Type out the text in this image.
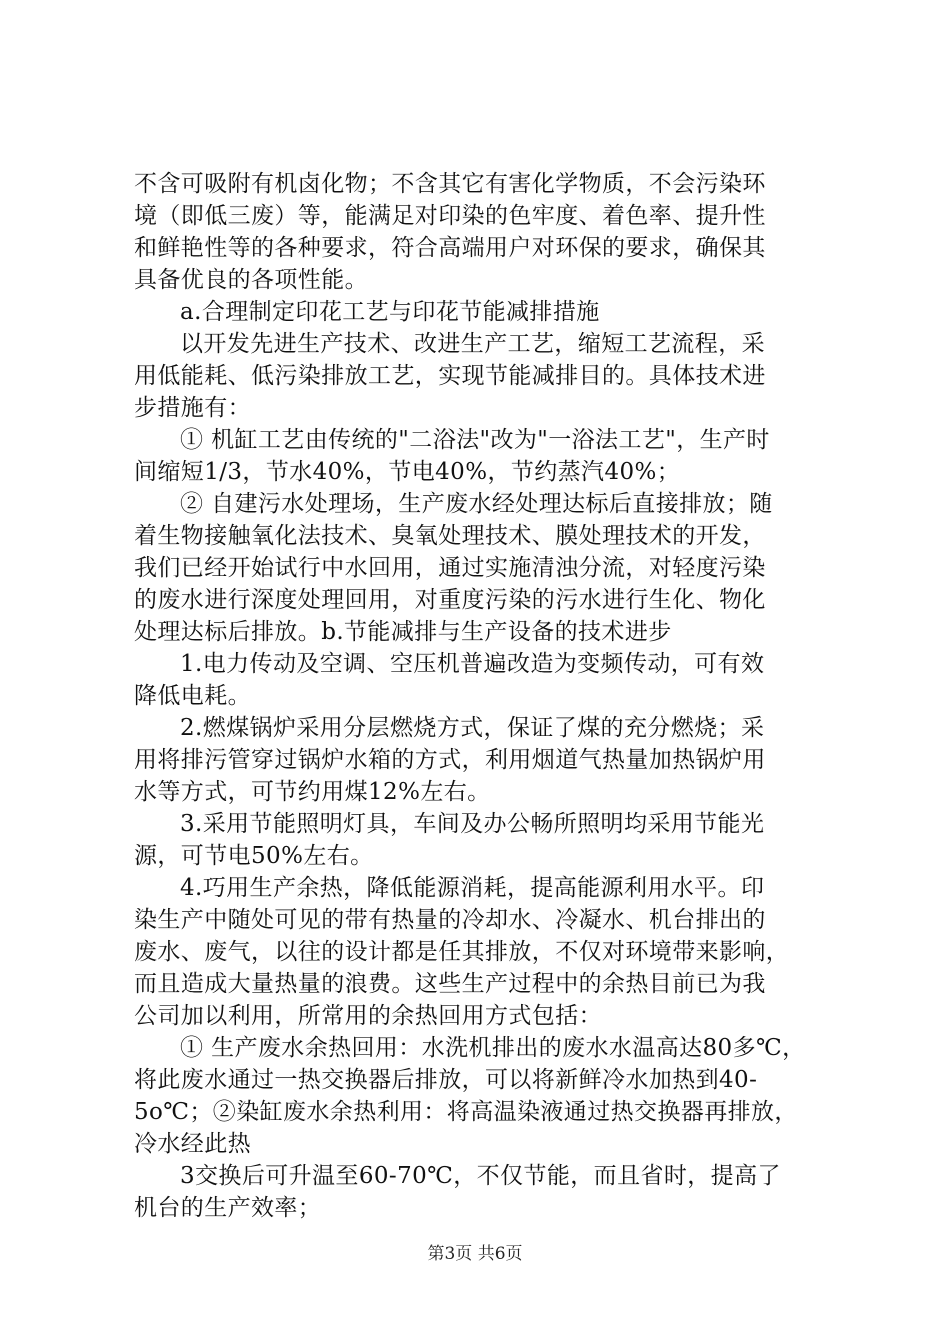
不含可吸附有机卤化物；不含其它有害化学物质，不会污染环
境（即低三废）等，能满足对印染的色牢度、着色率、提升性
和鲜艳性等的各种要求，符合高端用户对环保的要求，确保其
具备优良的各项性能。
a.合理制定印花工艺与印花节能减排措施
以开发先进生产技术、改进生产工艺，缩短工艺流程，采
用低能耗、低污染排放工艺，实现节能减排目的。具体技术进
步措施有：
① 机缸工艺由传统的"二浴法"改为"一浴法工艺"，生产时
间缩短1/3，节水40%，节电40%，节约蒸汽40%；
② 自建污水处理场，生产废水经处理达标后直接排放；随
着生物接触氧化法技术、臭氧处理技术、膜处理技术的开发，
我们已经开始试行中水回用，通过实施清浊分流，对轻度污染
的废水进行深度处理回用，对重度污染的污水进行生化、物化
处理达标后排放。b.节能减排与生产设备的技术进步
1.电力传动及空调、空压机普遍改造为变频传动，可有效
降低电耗。
2.燃煤锅炉采用分层燃烧方式，保证了煤的充分燃烧；采
用将排污管穿过锅炉水箱的方式，利用烟道气热量加热锅炉用
水等方式，可节约用煤12%左右。
3.采用节能照明灯具，车间及办公畅所照明均采用节能光
源，可节电50%左右。
4.巧用生产余热，降低能源消耗，提高能源利用水平。印
染生产中随处可见的带有热量的冷却水、冷凝水、机台排出的
废水、废气，以往的设计都是任其排放，不仅对环境带来影响，
而且造成大量热量的浪费。这些生产过程中的余热目前已为我
公司加以利用，所常用的余热回用方式包括：
① 生产废水余热回用：水洗机排出的废水水温高达80多℃，
将此废水通过一热交换器后排放，可以将新鲜冷水加热到40-
5o℃；②染缸废水余热利用：将高温染液通过热交换器再排放，
冷水经此热
3交换后可升温至60-70℃，不仅节能，而且省时，提高了
机台的生产效率；
第3页 共6页
